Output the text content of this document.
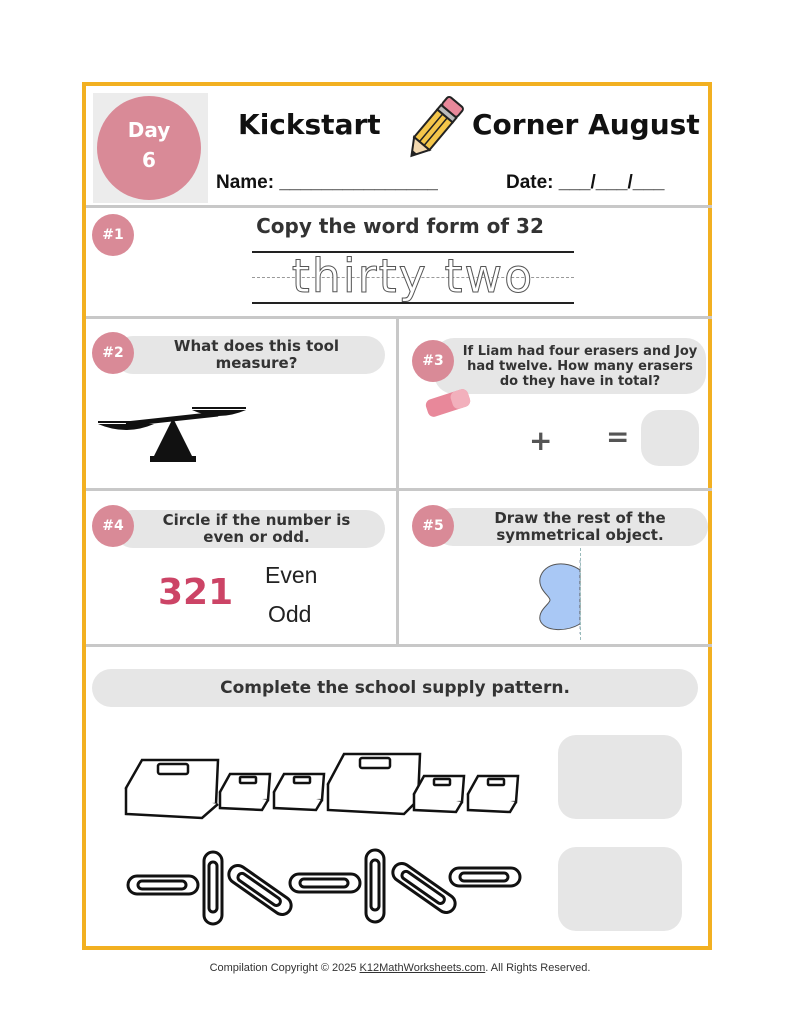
Day
6
Kickstart	Corner August
Name: _______________	Date: ___/___/___
#1	Copy the word form of 32
thirty two
What does this tool measure?
#2	If Liam had four erasers and Joy had twelve. How many erasers do they have in total?
#3
+ =
Circle if the number is even or odd.
#4
321 Even
Odd
Draw the rest of the symmetrical object.
#5
Complete the school supply pattern.
Compilation Copyright © 2025 K12MathWorksheets.com. All Rights Reserved.
